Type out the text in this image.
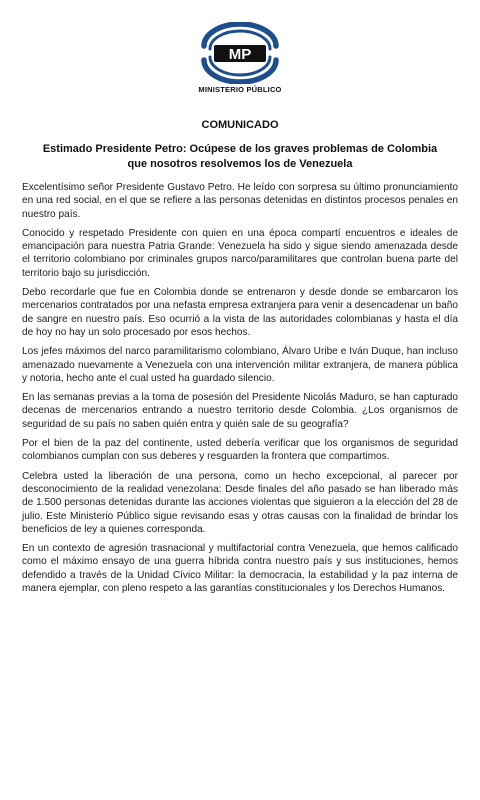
MP
MINISTERIO PÚBLICO
COMUNICADO
Estimado Presidente Petro: Ocúpese de los graves problemas de Colombia que nosotros resolvemos los de Venezuela

Excelentísimo señor Presidente Gustavo Petro. He leído con sorpresa su último pronunciamiento en una red social, en el que se refiere a las personas detenidas en distintos procesos penales en nuestro país.

Conocido y respetado Presidente con quien en una época compartí encuentros e ideales de emancipación para nuestra Patria Grande: Venezuela ha sido y sigue siendo amenazada desde el territorio colombiano por criminales grupos narco/paramilitares que controlan buena parte del territorio bajo su jurisdicción.

Debo recordarle que fue en Colombia donde se entrenaron y desde donde se embarcaron los mercenarios contratados por una nefasta empresa extranjera para venir a desencadenar un baño de sangre en nuestro país. Eso ocurrió a la vista de las autoridades colombianas y hasta el día de hoy no hay un solo procesado por esos hechos.

Los jefes máximos del narco paramilitarismo colombiano, Álvaro Uribe e Iván Duque, han incluso amenazado nuevamente a Venezuela con una intervención militar extranjera, de manera pública y notoria, hecho ante el cual usted ha guardado silencio.

En las semanas previas a la toma de posesión del Presidente Nicolás Maduro, se han capturado decenas de mercenarios entrando a nuestro territorio desde Colombia. ¿Los organismos de seguridad de su país no saben quién entra y quién sale de su geografía?

Por el bien de la paz del continente, usted debería verificar que los organismos de seguridad colombianos cumplan con sus deberes y resguarden la frontera que compartimos.

Celebra usted la liberación de una persona, como un hecho excepcional, al parecer por desconocimiento de la realidad venezolana: Desde finales del año pasado se han liberado más de 1.500 personas detenidas durante las acciones violentas que siguieron a la elección del 28 de julio. Este Ministerio Público sigue revisando esas y otras causas con la finalidad de brindar los beneficios de ley a quienes corresponda.

En un contexto de agresión trasnacional y multifactorial contra Venezuela, que hemos calificado como el máximo ensayo de una guerra híbrida contra nuestro país y sus instituciones, hemos defendido a través de la Unidad Cívico Militar: la democracia, la estabilidad y la paz interna de manera ejemplar, con pleno respeto a las garantías constitucionales y los Derechos Humanos.
